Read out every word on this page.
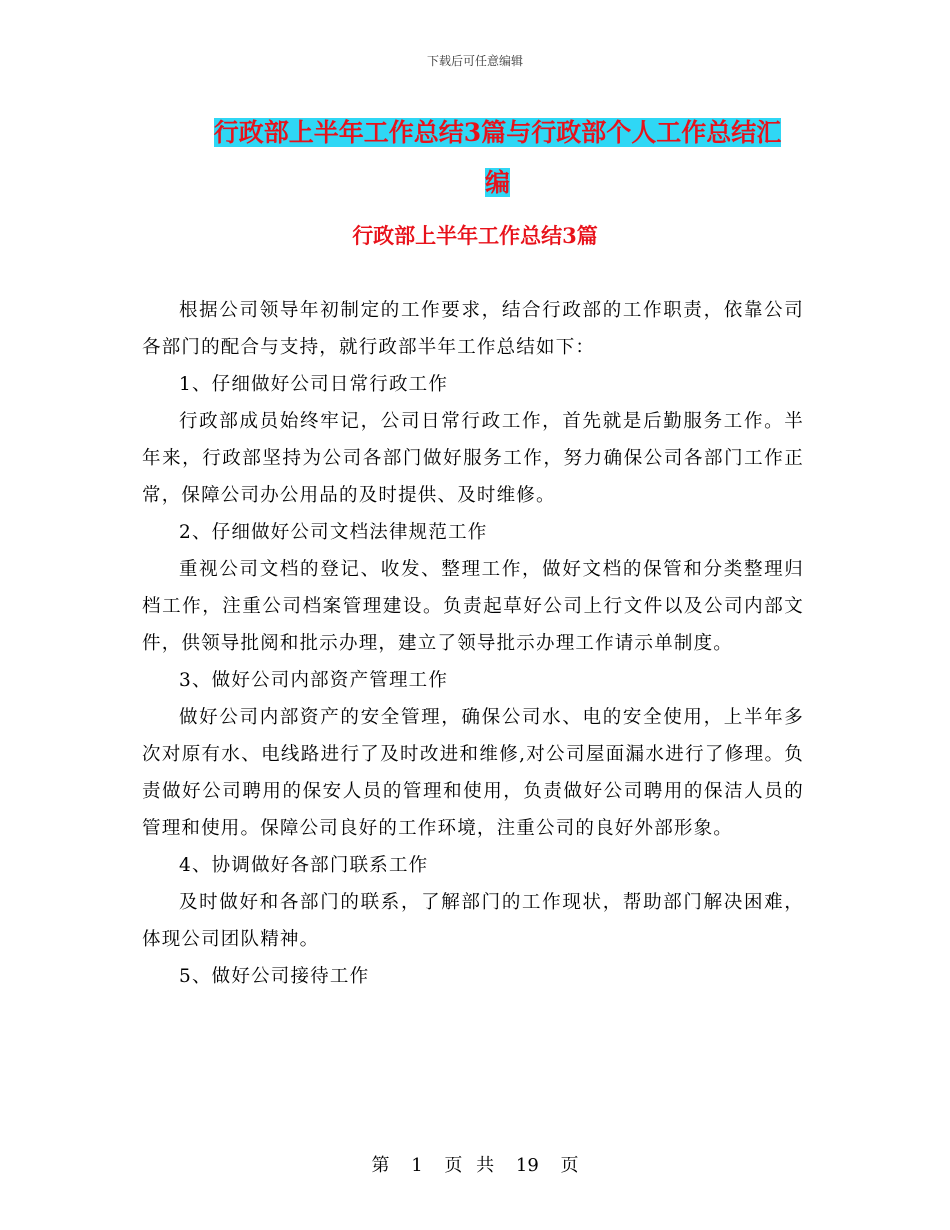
下载后可任意编辑
行政部上半年工作总结3篇与行政部个人工作总结汇
编
行政部上半年工作总结3篇

根据公司领导年初制定的工作要求，结合行政部的工作职责，依靠公司各部门的配合与支持，就行政部半年工作总结如下：

1、仔细做好公司日常行政工作

行政部成员始终牢记，公司日常行政工作，首先就是后勤服务工作。半年来，行政部坚持为公司各部门做好服务工作，努力确保公司各部门工作正常，保障公司办公用品的及时提供、及时维修。

2、仔细做好公司文档法律规范工作

重视公司文档的登记、收发、整理工作，做好文档的保管和分类整理归档工作，注重公司档案管理建设。负责起草好公司上行文件以及公司内部文件，供领导批阅和批示办理，建立了领导批示办理工作请示单制度。

3、做好公司内部资产管理工作

做好公司内部资产的安全管理，确保公司水、电的安全使用，上半年多次对原有水、电线路进行了及时改进和维修,对公司屋面漏水进行了修理。负责做好公司聘用的保安人员的管理和使用，负责做好公司聘用的保洁人员的管理和使用。保障公司良好的工作环境，注重公司的良好外部形象。

4、协调做好各部门联系工作

及时做好和各部门的联系，了解部门的工作现状，帮助部门解决困难，体现公司团队精神。

5、做好公司接待工作

第 1 页 共 19 页
